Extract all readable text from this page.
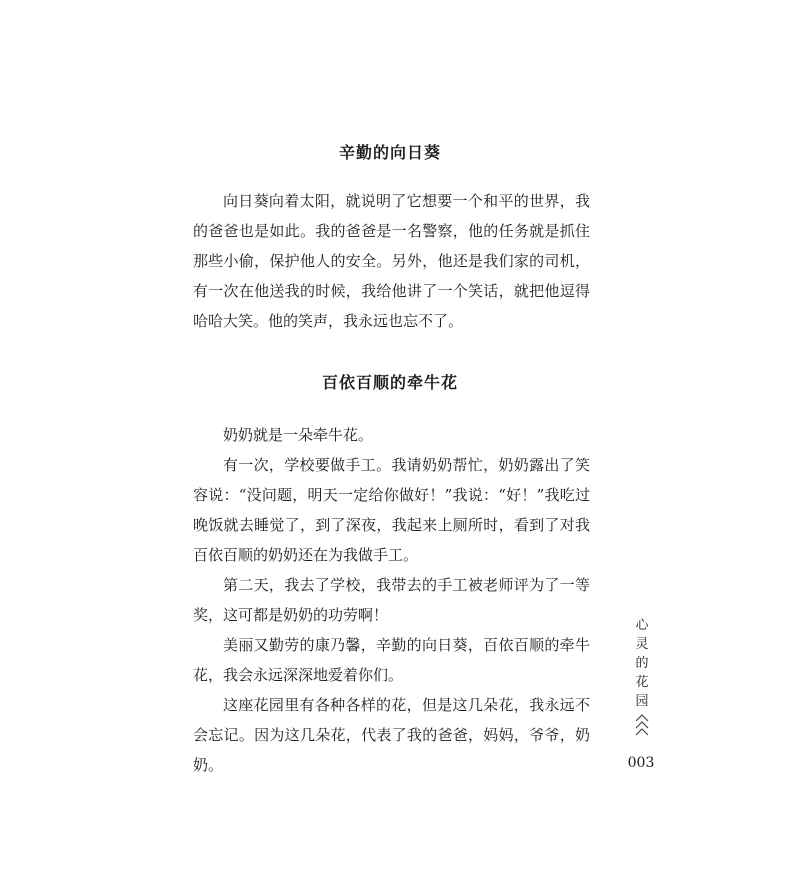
辛勤的向日葵

向日葵向着太阳，就说明了它想要一个和平的世界，我的爸爸也是如此。我的爸爸是一名警察，他的任务就是抓住那些小偷，保护他人的安全。另外，他还是我们家的司机，有一次在他送我的时候，我给他讲了一个笑话，就把他逗得哈哈大笑。他的笑声，我永远也忘不了。

百依百顺的牵牛花

奶奶就是一朵牵牛花。

有一次，学校要做手工。我请奶奶帮忙，奶奶露出了笑容说：“没问题，明天一定给你做好！”我说：“好！”我吃过晚饭就去睡觉了，到了深夜，我起来上厕所时，看到了对我百依百顺的奶奶还在为我做手工。

第二天，我去了学校，我带去的手工被老师评为了一等奖，这可都是奶奶的功劳啊！

美丽又勤劳的康乃馨，辛勤的向日葵，百依百顺的牵牛花，我会永远深深地爱着你们。

这座花园里有各种各样的花，但是这几朵花，我永远不会忘记。因为这几朵花，代表了我的爸爸，妈妈，爷爷，奶奶。

心
灵
的
花
园
003
